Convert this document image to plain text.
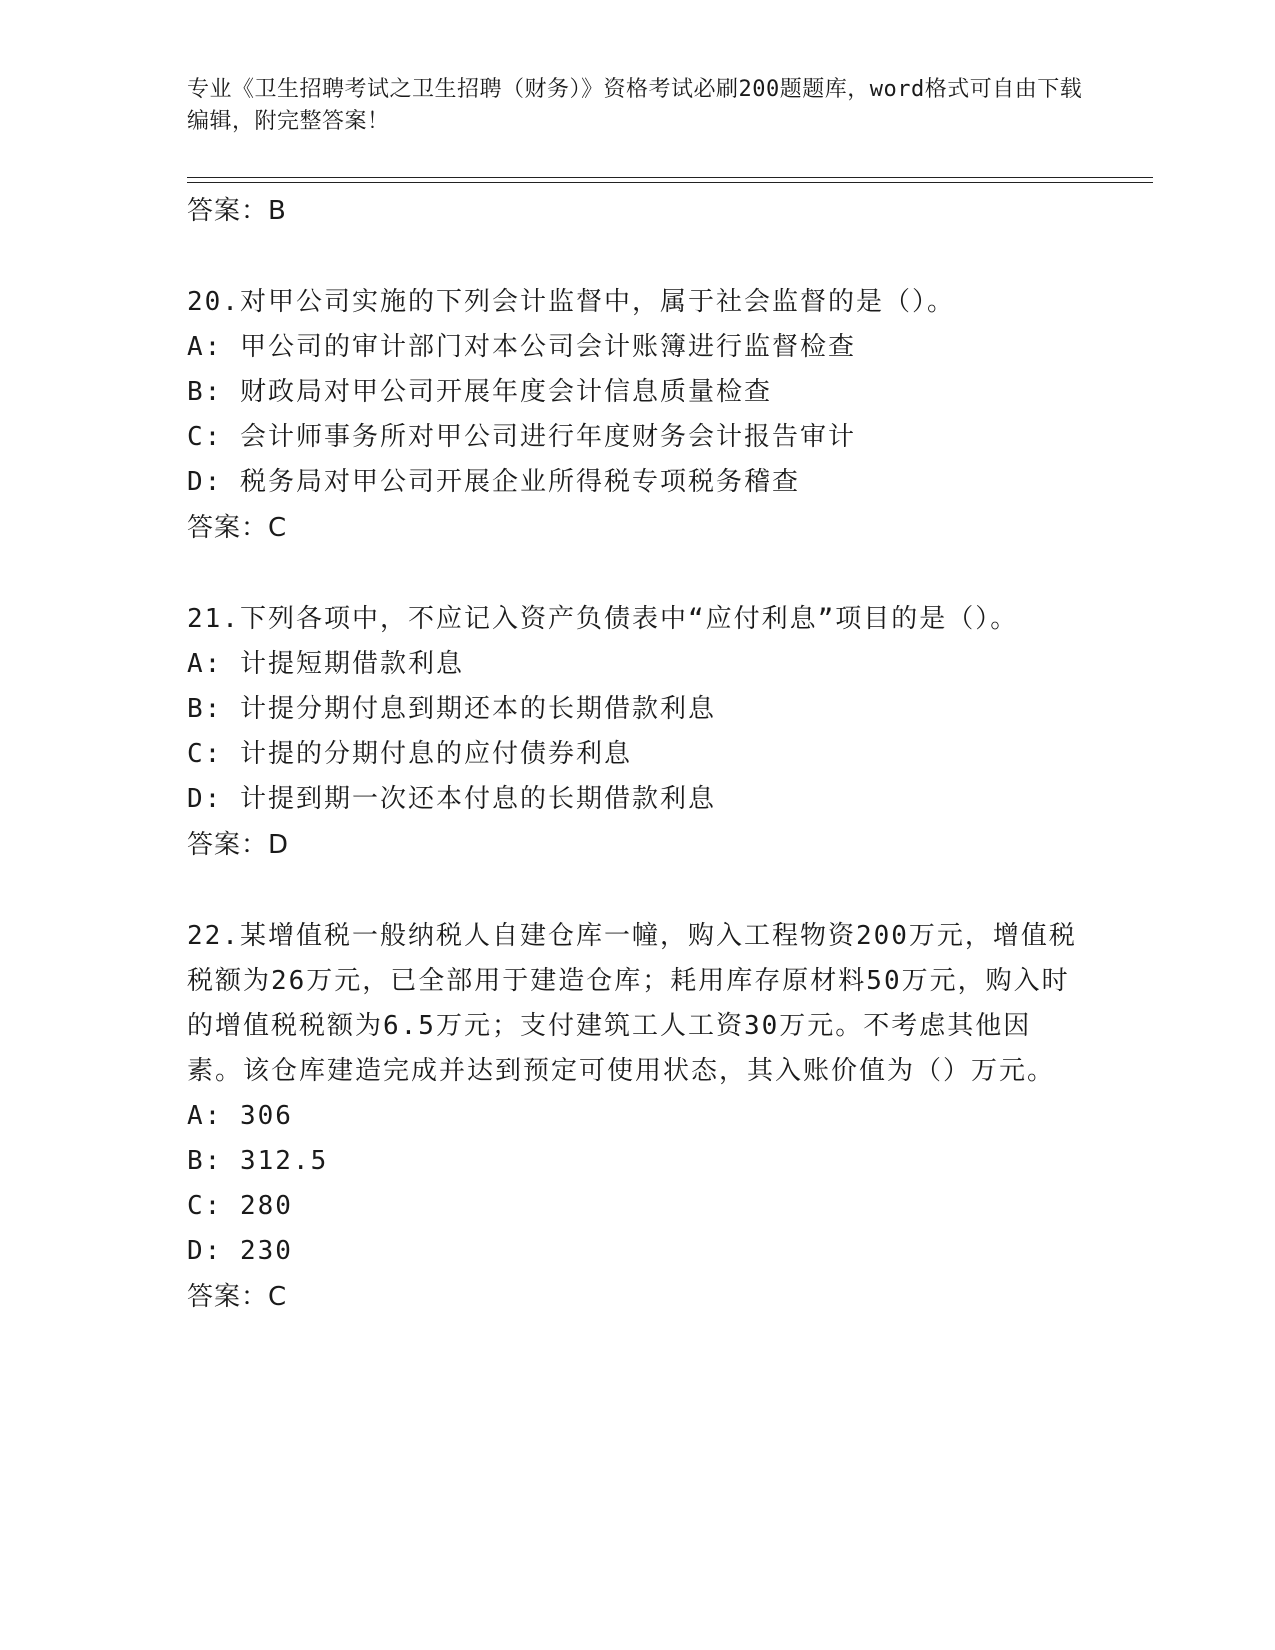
专业《卫生招聘考试之卫生招聘（财务）》资格考试必刷200题题库，word格式可自由下载编辑，附完整答案！
答案：B
20.对甲公司实施的下列会计监督中，属于社会监督的是（）。
A: 甲公司的审计部门对本公司会计账簿进行监督检查
B: 财政局对甲公司开展年度会计信息质量检查
C: 会计师事务所对甲公司进行年度财务会计报告审计
D: 税务局对甲公司开展企业所得税专项税务稽查
答案：C
21.下列各项中，不应记入资产负债表中“应付利息”项目的是（）。
A: 计提短期借款利息
B: 计提分期付息到期还本的长期借款利息
C: 计提的分期付息的应付债券利息
D: 计提到期一次还本付息的长期借款利息
答案：D
22.某增值税一般纳税人自建仓库一幢，购入工程物资200万元，增值税税额为26万元，已全部用于建造仓库；耗用库存原材料50万元，购入时的增值税税额为6.5万元；支付建筑工人工资30万元。不考虑其他因素。该仓库建造完成并达到预定可使用状态，其入账价值为（）万元。
A: 306
B: 312.5
C: 280
D: 230
答案：C
